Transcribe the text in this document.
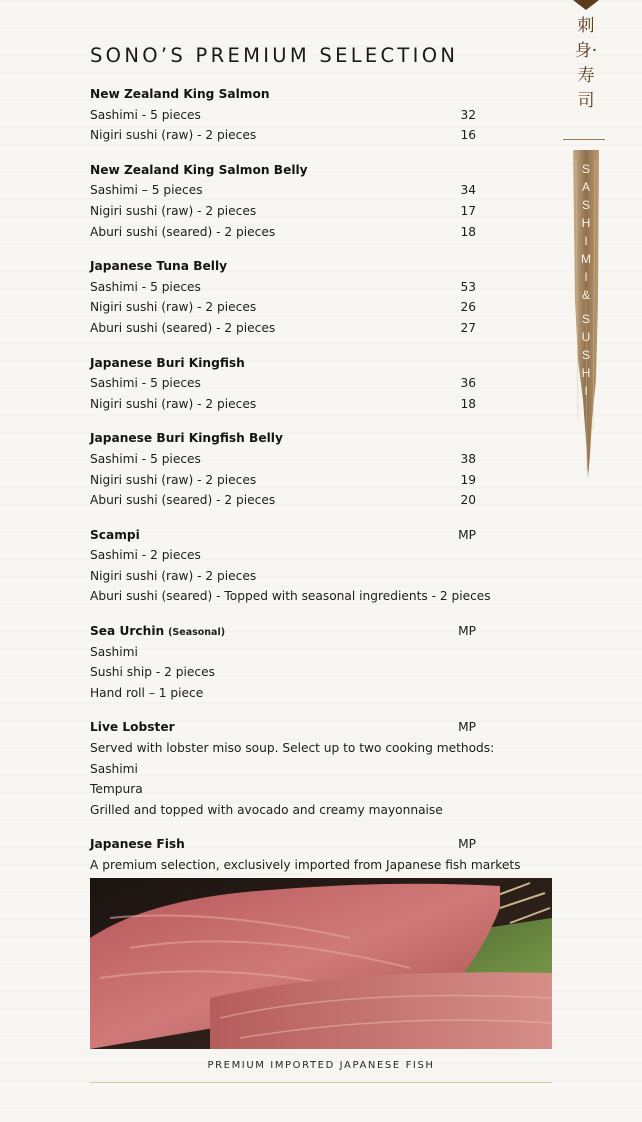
刺身·寿司
S
A
S
H
I
M
I
&
S
U
S
H
I
SONO’S PREMIUM SELECTION
New Zealand King Salmon
Sashimi - 5 pieces	32
Nigiri sushi (raw) - 2 pieces	16
New Zealand King Salmon Belly
Sashimi – 5 pieces	34
Nigiri sushi (raw) - 2 pieces	17
Aburi sushi (seared) - 2 pieces	18
Japanese Tuna Belly
Sashimi - 5 pieces	53
Nigiri sushi (raw) - 2 pieces	26
Aburi sushi (seared) - 2 pieces	27
Japanese Buri Kingfish
Sashimi - 5 pieces	36
Nigiri sushi (raw) - 2 pieces	18
Japanese Buri Kingfish Belly
Sashimi - 5 pieces	38
Nigiri sushi (raw) - 2 pieces	19
Aburi sushi (seared) - 2 pieces	20
Scampi	MP
Sashimi - 2 pieces
Nigiri sushi (raw) - 2 pieces
Aburi sushi (seared) - Topped with seasonal ingredients - 2 pieces
Sea Urchin (Seasonal)	MP
Sashimi
Sushi ship - 2 pieces
Hand roll – 1 piece
Live Lobster	MP
Served with lobster miso soup. Select up to two cooking methods:
Sashimi
Tempura
Grilled and topped with avocado and creamy mayonnaise
Japanese Fish	MP
A premium selection, exclusively imported from Japanese fish markets
PREMIUM IMPORTED JAPANESE FISH
